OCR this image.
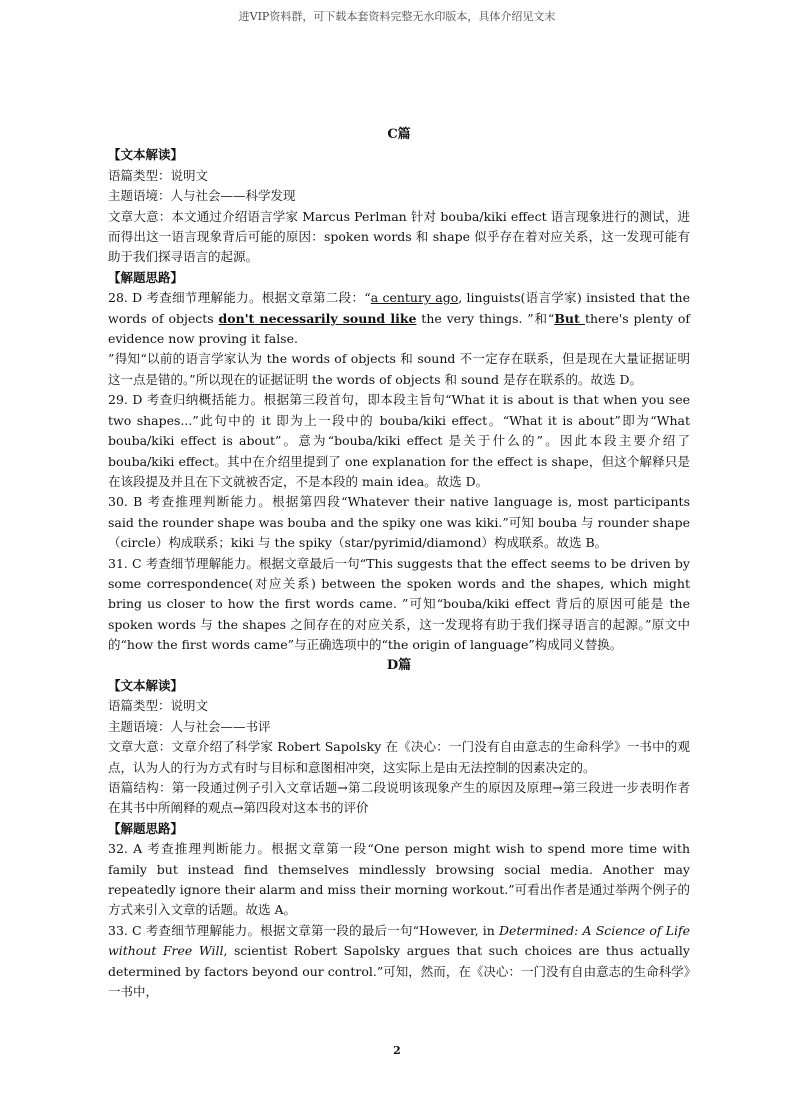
进VIP资料群，可下载本套资料完整无水印版本，具体介绍见文末

C篇

【文本解读】

语篇类型：说明文

主题语境：人与社会——科学发现

文章大意：本文通过介绍语言学家 Marcus Perlman 针对 bouba/kiki effect 语言现象进行的测试，进而得出这一语言现象背后可能的原因：spoken words 和 shape 似乎存在着对应关系，这一发现可能有助于我们探寻语言的起源。

【解题思路】

28. D 考查细节理解能力。根据文章第二段：“a century ago, linguists(语言学家) insisted that the words of objects don't necessarily sound like the very things. ”和“But there's plenty of evidence now proving it false.

”得知“以前的语言学家认为 the words of objects 和 sound 不一定存在联系，但是现在大量证据证明这一点是错的。”所以现在的证据证明 the words of objects 和 sound 是存在联系的。故选 D。

29. D 考查归纳概括能力。根据第三段首句，即本段主旨句“What it is about is that when you see two shapes...”此句中的 it 即为上一段中的 bouba/kiki effect。“What it is about”即为“What bouba/kiki effect is about”。意为“bouba/kiki effect 是关于什么的”。因此本段主要介绍了 bouba/kiki effect。其中在介绍里提到了 one explanation for the effect is shape，但这个解释只是在该段提及并且在下文就被否定，不是本段的 main idea。故选 D。

30. B 考查推理判断能力。根据第四段“Whatever their native language is, most participants said the rounder shape was bouba and the spiky one was kiki.”可知 bouba 与 rounder shape（circle）构成联系；kiki 与 the spiky（star/pyrimid/diamond）构成联系。故选 B。

31. C 考查细节理解能力。根据文章最后一句“This suggests that the effect seems to be driven by some correspondence(对应关系) between the spoken words and the shapes, which might bring us closer to how the first words came. ”可知“bouba/kiki effect 背后的原因可能是 the spoken words 与 the shapes 之间存在的对应关系，这一发现将有助于我们探寻语言的起源。”原文中的“how the first words came”与正确选项中的“the origin of language”构成同义替换。

D篇

【文本解读】

语篇类型：说明文

主题语境：人与社会——书评

文章大意：文章介绍了科学家 Robert Sapolsky 在《决心：一门没有自由意志的生命科学》一书中的观点，认为人的行为方式有时与目标和意图相冲突，这实际上是由无法控制的因素决定的。

语篇结构：第一段通过例子引入文章话题→第二段说明该现象产生的原因及原理→第三段进一步表明作者在其书中所阐释的观点→第四段对这本书的评价

【解题思路】

32. A 考查推理判断能力。根据文章第一段“One person might wish to spend more time with family but instead find themselves mindlessly browsing social media. Another may repeatedly ignore their alarm and miss their morning workout.”可看出作者是通过举两个例子的方式来引入文章的话题。故选 A。

33. C 考查细节理解能力。根据文章第一段的最后一句“However, in Determined: A Science of Life without Free Will, scientist Robert Sapolsky argues that such choices are thus actually determined by factors beyond our control.”可知，然而，在《决心：一门没有自由意志的生命科学》一书中，

2
